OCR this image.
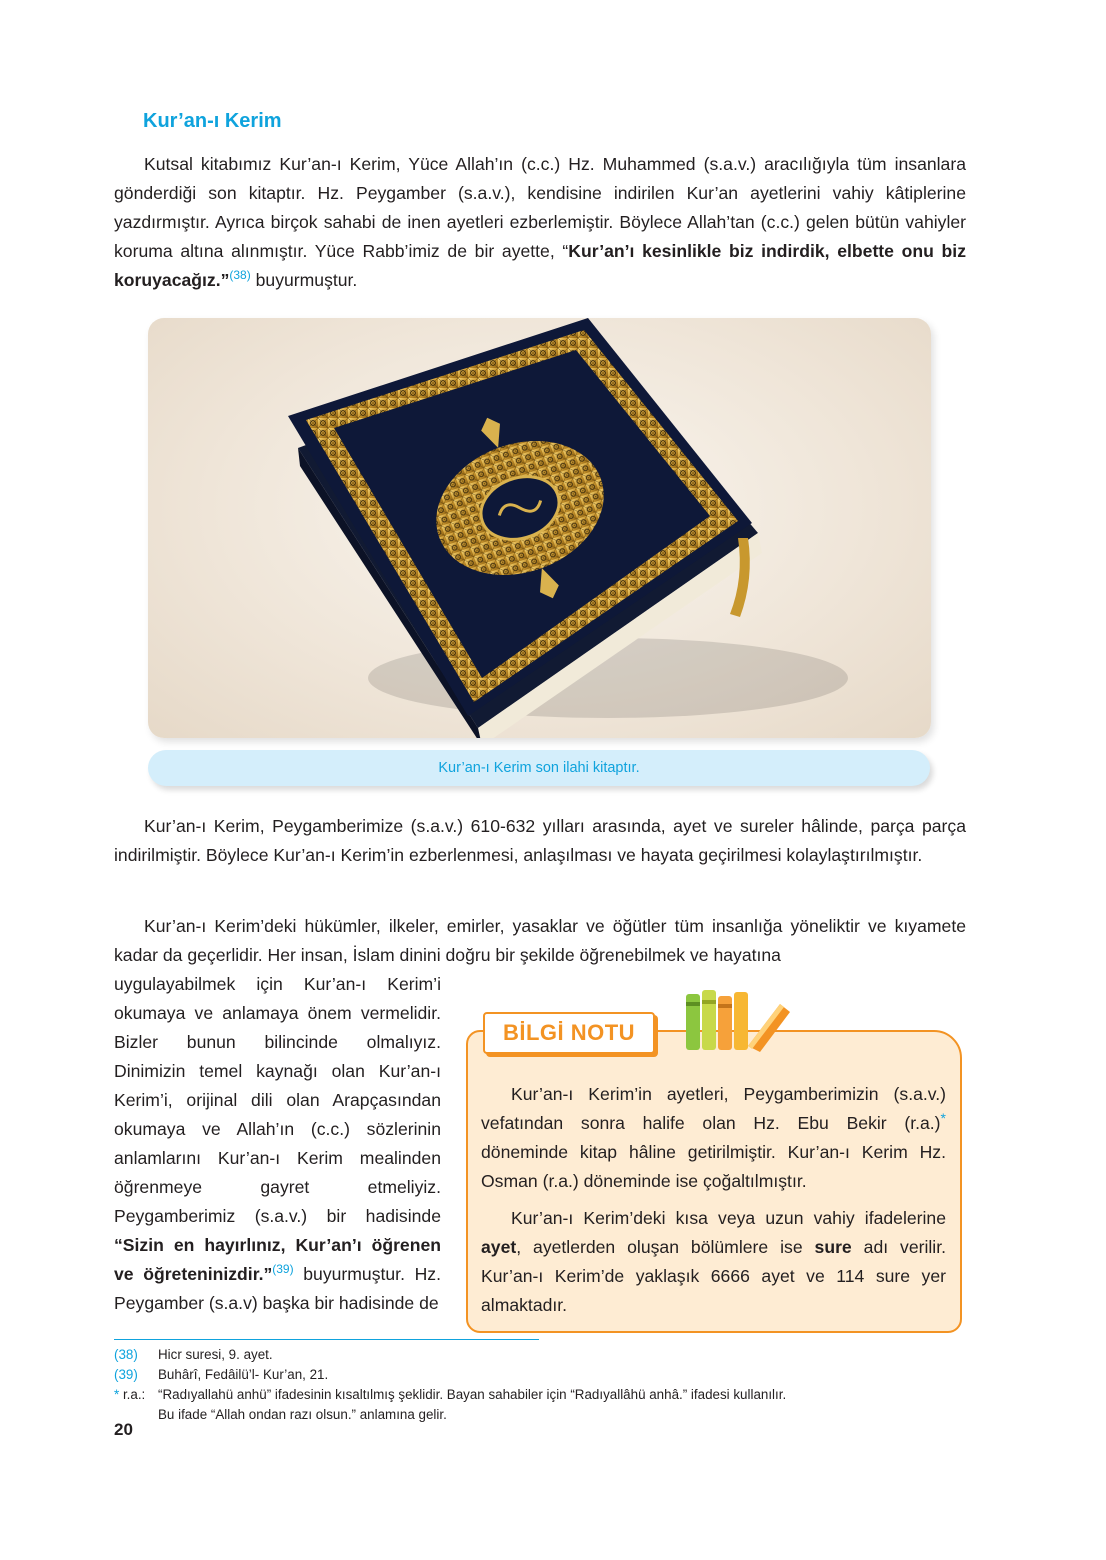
Kur’an-ı Kerim
Kutsal kitabımız Kur’an-ı Kerim, Yüce Allah’ın (c.c.) Hz. Muhammed (s.a.v.) aracılığıyla tüm insanlara gönderdiği son kitaptır. Hz. Peygamber (s.a.v.), kendisine indirilen Kur’an ayetlerini vahiy kâtiplerine yazdırmıştır. Ayrıca birçok sahabi de inen ayetleri ezberlemiştir. Böylece Allah’tan (c.c.) gelen bütün vahiyler koruma altına alınmıştır. Yüce Rabb’imiz de bir ayette, “Kur’an’ı kesinlikle biz indirdik, elbette onu biz koruyacağız.”$^{(38)}$ buyurmuştur.
Kur’an-ı Kerim son ilahi kitaptır.
Kur’an-ı Kerim, Peygamberimize (s.a.v.) 610-632 yılları arasında, ayet ve sureler hâlinde, parça parça indirilmiştir. Böylece Kur’an-ı Kerim’in ezberlenmesi, anlaşılması ve hayata geçirilmesi kolaylaştırılmıştır.
Kur’an-ı Kerim’deki hükümler, ilkeler, emirler, yasaklar ve öğütler tüm insanlığa yöneliktir ve kıyamete kadar da geçerlidir. Her insan, İslam dinini doğru bir şekilde öğrenebilmek ve hayatına
uygulayabilmek için Kur’an-ı Kerim’i okumaya ve anlamaya önem vermelidir. Bizler bunun bilincinde olmalıyız. Dinimizin temel kaynağı olan Kur’an-ı Kerim’i, orijinal dili olan Arapçasından okumaya ve Allah’ın (c.c.) sözlerinin anlamlarını Kur’an-ı Kerim mealinden öğrenmeye gayret etmeliyiz. Peygamberimiz (s.a.v.) bir hadisinde “Sizin en hayırlınız, Kur’an’ı öğrenen ve öğreteninizdir.”$^{(39)}$ buyurmuştur. Hz. Peygamber (s.a.v) başka bir hadisinde de
BİLGİ NOTU
Kur’an-ı Kerim’in ayetleri, Peygamberimizin (s.a.v.) vefatından sonra halife olan Hz. Ebu Bekir (r.a.)* döneminde kitap hâline getirilmiştir. Kur’an-ı Kerim Hz. Osman (r.a.) döneminde ise çoğaltılmıştır.
Kur’an-ı Kerim’deki kısa veya uzun vahiy ifadelerine ayet, ayetlerden oluşan bölümlere ise sure adı verilir. Kur’an-ı Kerim’de yaklaşık 6666 ayet ve 114 sure yer almaktadır.
(38)	Hicr suresi, 9. ayet.
(39)	Buhârî, Fedâilü’l- Kur’an, 21.
* r.a.: “Radıyallahü anhü” ifadesinin kısaltılmış şeklidir. Bayan sahabiler için “Radıyallâhü anhâ.” ifadesi kullanılır.
Bu ifade “Allah ondan razı olsun.” anlamına gelir.
20
